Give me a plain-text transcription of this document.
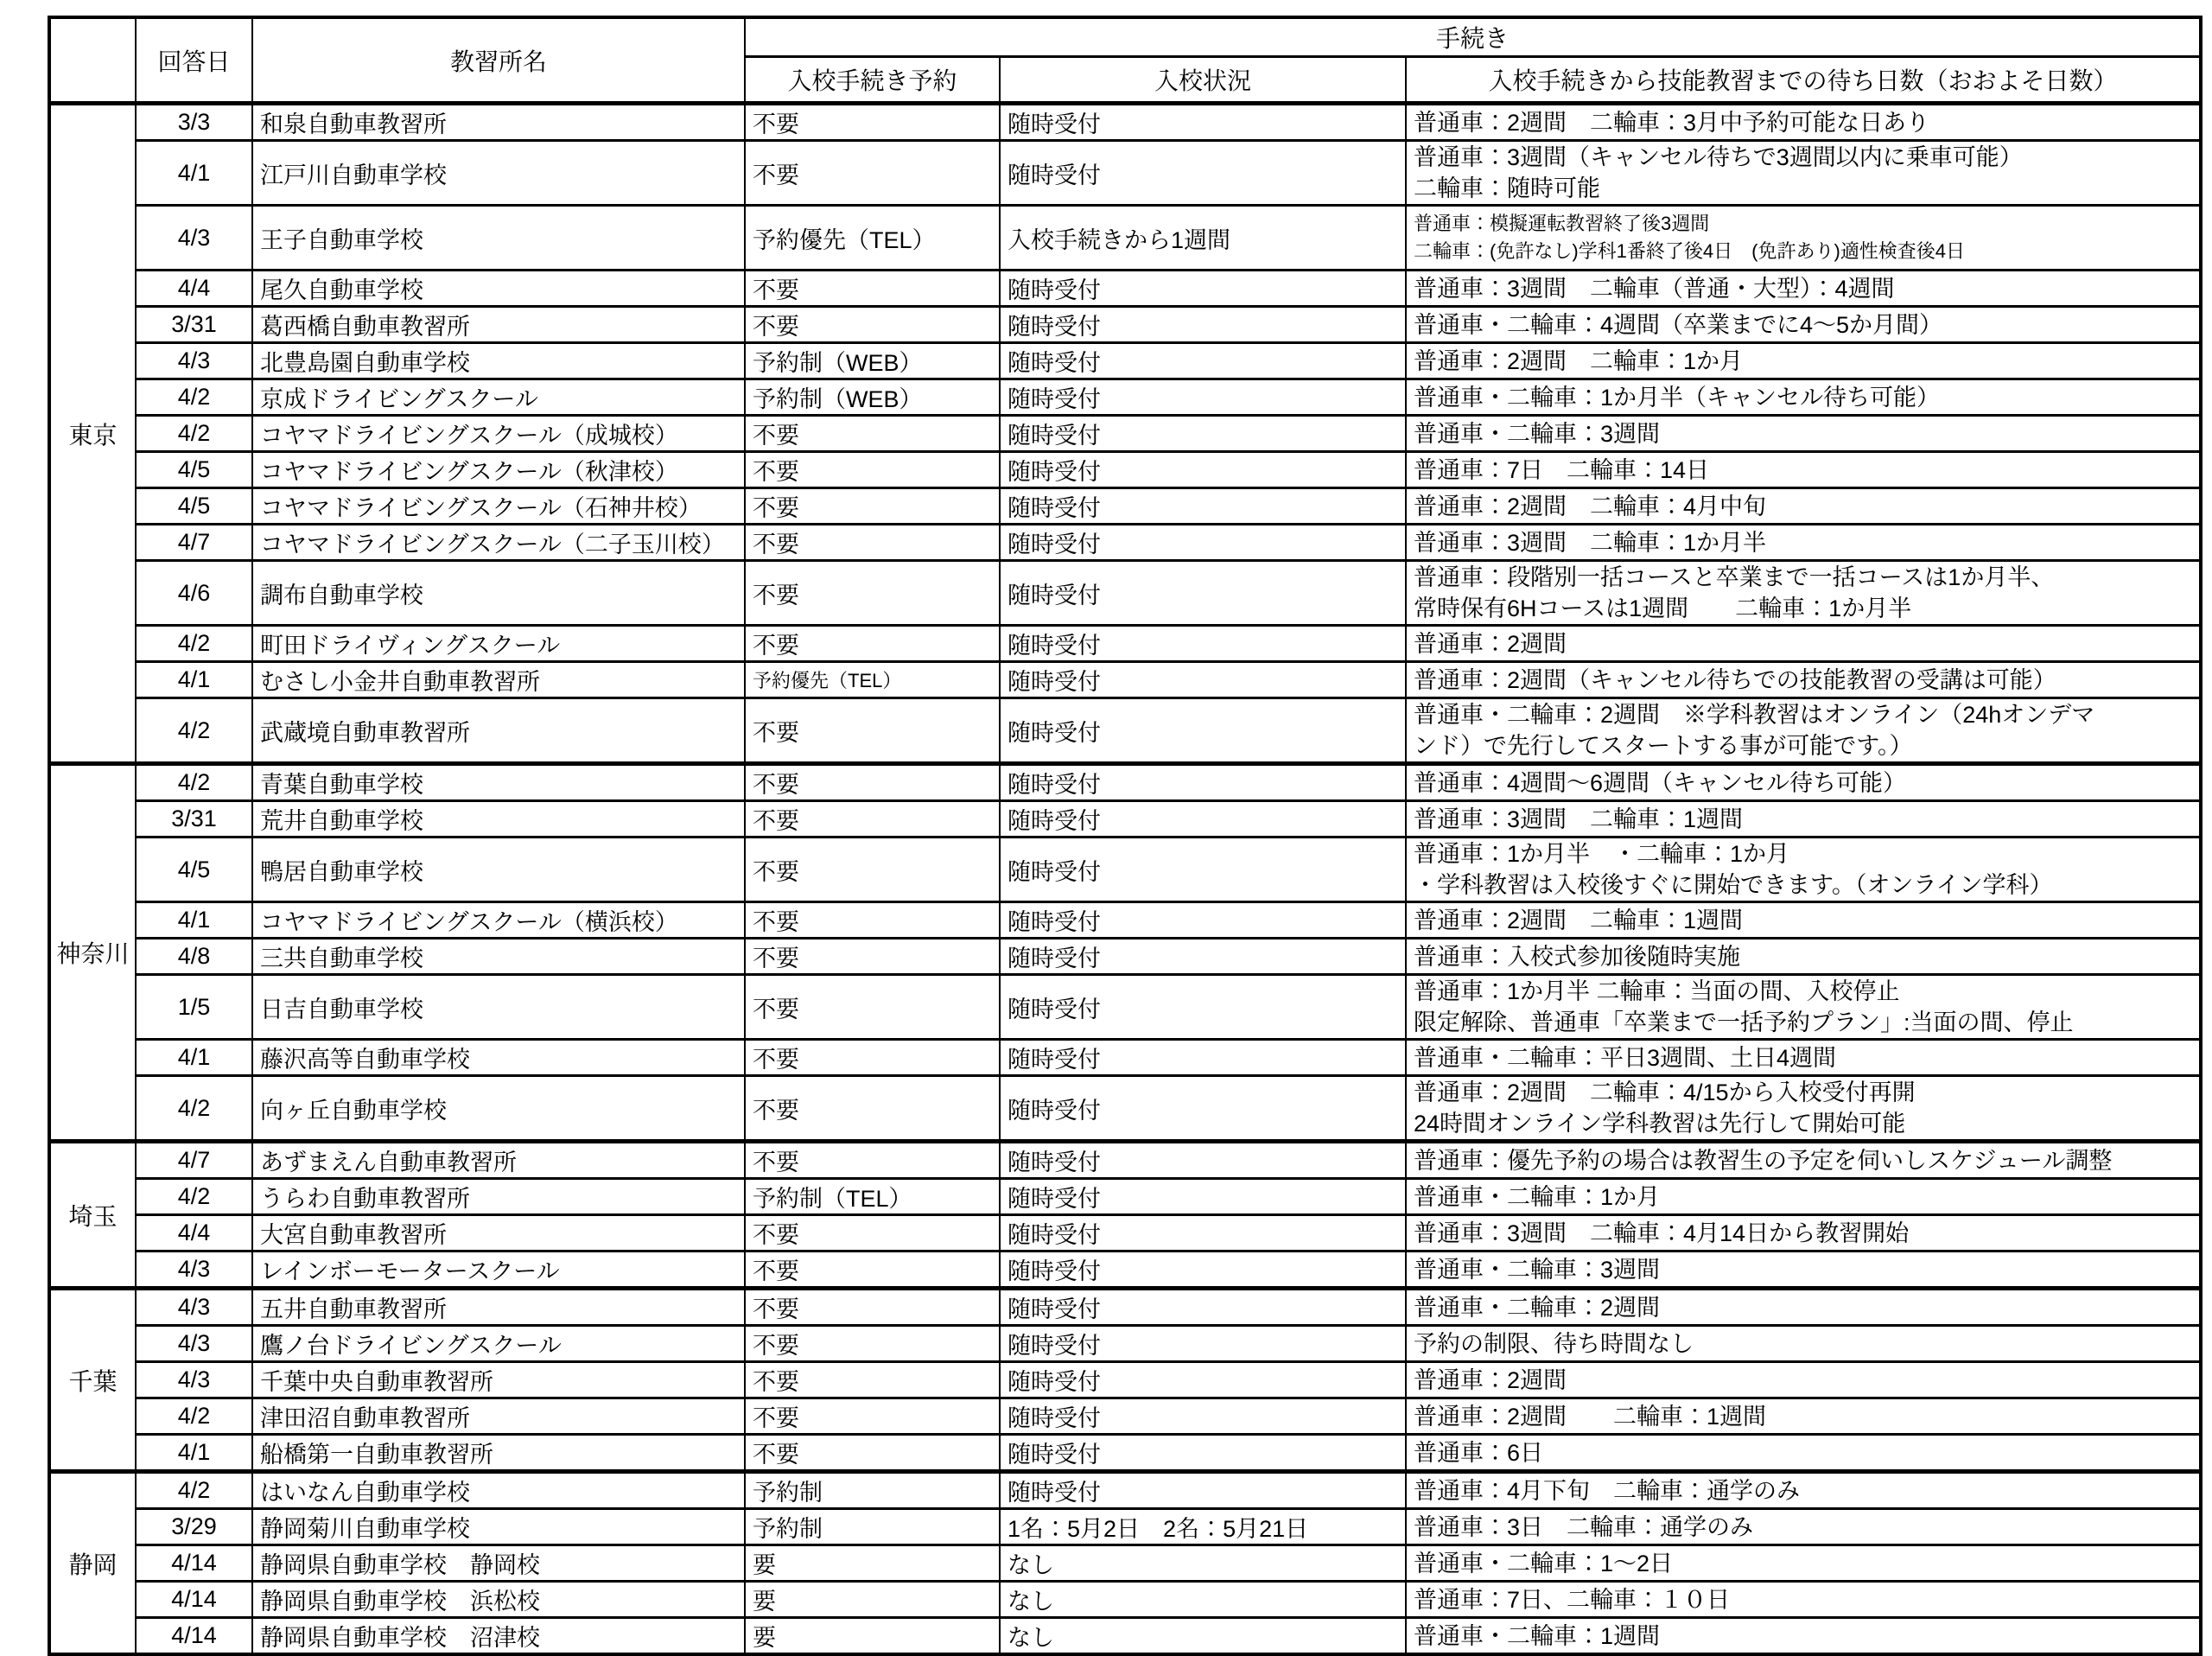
	回答日	教習所名	手続き		
			入校手続き予約	入校状況	入校手続きから技能教習までの待ち日数（おおよそ日数）
東京	3/3	和泉自動車教習所	不要	随時受付	普通車：2週間　二輪車：3月中予約可能な日あり

	4/1	江戸川自動車学校	不要	随時受付	普通車：3週間（キャンセル待ちで3週間以内に乗車可能）
二輪車：随時可能

	4/3	王子自動車学校	予約優先（TEL）	入校手続きから1週間	普通車：模擬運転教習終了後3週間
二輪車：(免許なし)学科1番終了後4日　(免許あり)適性検査後4日

	4/4	尾久自動車学校	不要	随時受付	普通車：3週間　二輪車（普通・大型）：4週間

	3/31	葛西橋自動車教習所	不要	随時受付	普通車・二輪車：4週間（卒業までに4～5か月間）

	4/3	北豊島園自動車学校	予約制（WEB）	随時受付	普通車：2週間　二輪車：1か月

	4/2	京成ドライビングスクール	予約制（WEB）	随時受付	普通車・二輪車：1か月半（キャンセル待ち可能）

	4/2	コヤマドライビングスクール（成城校）	不要	随時受付	普通車・二輪車：3週間

	4/5	コヤマドライビングスクール（秋津校）	不要	随時受付	普通車：7日　二輪車：14日

	4/5	コヤマドライビングスクール（石神井校）	不要	随時受付	普通車：2週間　二輪車：4月中旬

	4/7	コヤマドライビングスクール（二子玉川校）	不要	随時受付	普通車：3週間　二輪車：1か月半

	4/6	調布自動車学校	不要	随時受付	普通車：段階別一括コースと卒業まで一括コースは1か月半、
常時保有6Hコースは1週間　　二輪車：1か月半

	4/2	町田ドライヴィングスクール	不要	随時受付	普通車：2週間

	4/1	むさし小金井自動車教習所	予約優先（TEL）	随時受付	普通車：2週間（キャンセル待ちでの技能教習の受講は可能）

	4/2	武蔵境自動車教習所	不要	随時受付	普通車・二輪車：2週間　※学科教習はオンライン（24hオンデマ
ンド）で先行してスタートする事が可能です。）

神奈川	4/2	青葉自動車学校	不要	随時受付	普通車：4週間～6週間（キャンセル待ち可能）

	3/31	荒井自動車学校	不要	随時受付	普通車：3週間　二輪車：1週間

	4/5	鴨居自動車学校	不要	随時受付	普通車：1か月半　・二輪車：1か月
・学科教習は入校後すぐに開始できます。（オンライン学科）

	4/1	コヤマドライビングスクール（横浜校）	不要	随時受付	普通車：2週間　二輪車：1週間

	4/8	三共自動車学校	不要	随時受付	普通車：入校式参加後随時実施

	1/5	日吉自動車学校	不要	随時受付	普通車：1か月半 二輪車：当面の間、入校停止
限定解除、普通車「卒業まで一括予約プラン」:当面の間、停止

	4/1	藤沢高等自動車学校	不要	随時受付	普通車・二輪車：平日3週間、土日4週間

	4/2	向ヶ丘自動車学校	不要	随時受付	普通車：2週間　二輪車：4/15から入校受付再開
24時間オンライン学科教習は先行して開始可能

埼玉	4/7	あずまえん自動車教習所	不要	随時受付	普通車：優先予約の場合は教習生の予定を伺いしスケジュール調整

	4/2	うらわ自動車教習所	予約制（TEL）	随時受付	普通車・二輪車：1か月

	4/4	大宮自動車教習所	不要	随時受付	普通車：3週間　二輪車：4月14日から教習開始

	4/3	レインボーモータースクール	不要	随時受付	普通車・二輪車：3週間

千葉	4/3	五井自動車教習所	不要	随時受付	普通車・二輪車：2週間

	4/3	鷹ノ台ドライビングスクール	不要	随時受付	予約の制限、待ち時間なし

	4/3	千葉中央自動車教習所	不要	随時受付	普通車：2週間

	4/2	津田沼自動車教習所	不要	随時受付	普通車：2週間　　二輪車：1週間

	4/1	船橋第一自動車教習所	不要	随時受付	普通車：6日

静岡	4/2	はいなん自動車学校	予約制	随時受付	普通車：4月下旬　二輪車：通学のみ

	3/29	静岡菊川自動車学校	予約制	1名：5月2日　2名：5月21日	普通車：3日　二輪車：通学のみ

	4/14	静岡県自動車学校　静岡校	要	なし	普通車・二輪車：1～2日

	4/14	静岡県自動車学校　浜松校	要	なし	普通車：7日、二輪車：１０日

	4/14	静岡県自動車学校　沼津校	要	なし	普通車・二輪車：1週間
